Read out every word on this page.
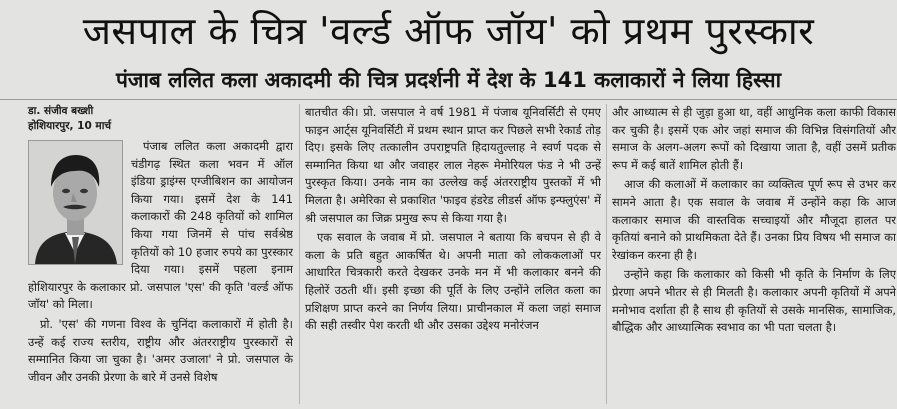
जसपाल के चित्र 'वर्ल्ड ऑफ जॉय' को प्रथम पुरस्कार
पंजाब ललित कला अकादमी की चित्र प्रदर्शनी में देश के 141 कलाकारों ने लिया हिस्सा
डा. संजीव बख्शी
होशियारपुर, 10 मार्च

पंजाब ललित कला अकादमी द्वारा चंडीगढ़ स्थित कला भवन में ऑल इंडिया ड्राइंग्स एग्जीबिशन का आयोजन किया गया। इसमें देश के 141 कलाकारों की 248 कृतियों को शामिल किया गया जिनमें से पांच सर्वश्रेष्ठ कृतियों को 10 हजार रुपये का पुरस्कार दिया गया। इसमें पहला इनाम होशियारपुर के कलाकार प्रो. जसपाल 'एस' की कृति 'वर्ल्ड ऑफ जॉय' को मिला।

प्रो. 'एस' की गणना विश्व के चुनिंदा कलाकारों में होती है। उन्हें कई राज्य स्तरीय, राष्ट्रीय और अंतरराष्ट्रीय पुरस्कारों से सम्मानित किया जा चुका है। 'अमर उजाला' ने प्रो. जसपाल के जीवन और उनकी प्रेरणा के बारे में उनसे विशेष

बातचीत की। प्रो. जसपाल ने वर्ष 1981 में पंजाब यूनिवर्सिटी से एमए फाइन आर्ट्स यूनिवर्सिटी में प्रथम स्थान प्राप्त कर पिछले सभी रेकार्ड तोड़ दिए। इसके लिए तत्कालीन उपराष्ट्रपति हिदायतुल्लाह ने स्वर्ण पदक से सम्मानित किया था और जवाहर लाल नेहरू मेमोरियल फंड ने भी उन्हें पुरस्कृत किया। उनके नाम का उल्लेख कई अंतरराष्ट्रीय पुस्तकों में भी मिलता है। अमेरिका से प्रकाशित 'फाइव हंडरेड लीडर्स ऑफ इन्फ्लुएंस' में श्री जसपाल का जिक्र प्रमुख रूप से किया गया है।

एक सवाल के जवाब में प्रो. जसपाल ने बताया कि बचपन से ही वे कला के प्रति बहुत आकर्षित थे। अपनी माता को लोककलाओं पर आधारित चित्रकारी करते देखकर उनके मन में भी कलाकार बनने की हिलोरें उठती थीं। इसी इच्छा की पूर्ति के लिए उन्होंने ललित कला का प्रशिक्षण प्राप्त करने का निर्णय लिया। प्राचीनकाल में कला जहां समाज की सही तस्वीर पेश करती थी और उसका उद्देश्य मनोरंजन

और आध्यात्म से ही जुड़ा हुआ था, वहीं आधुनिक कला काफी विकास कर चुकी है। इसमें एक ओर जहां समाज की विभिन्न विसंगतियों और समाज के अलग-अलग रूपों को दिखाया जाता है, वहीं उसमें प्रतीक रूप में कई बातें शामिल होती हैं।

आज की कलाओं में कलाकार का व्यक्तित्व पूर्ण रूप से उभर कर सामने आता है। एक सवाल के जवाब में उन्होंने कहा कि आज कलाकार समाज की वास्तविक सच्चाइयों और मौजूदा हालत पर कृतियां बनाने को प्राथमिकता देते हैं। उनका प्रिय विषय भी समाज का रेखांकन करना ही है।

उन्होंने कहा कि कलाकार को किसी भी कृति के निर्माण के लिए प्रेरणा अपने भीतर से ही मिलती है। कलाकार अपनी कृतियों में अपने मनोभाव दर्शाता ही है साथ ही कृतियों से उसके मानसिक, सामाजिक, बौद्धिक और आध्यात्मिक स्वभाव का भी पता चलता है।
